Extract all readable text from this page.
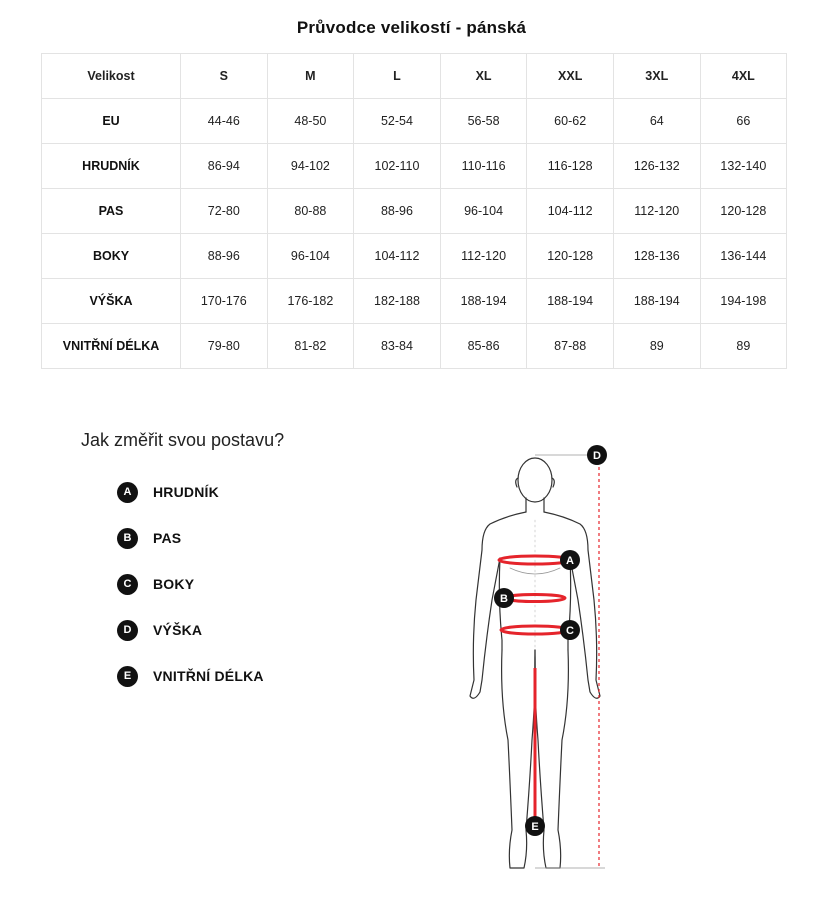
Průvodce velikostí - pánská
Velikost	S	M	L	XL	XXL	3XL	4XL
EU	44-46	48-50	52-54	56-58	60-62	64	66
HRUDNÍK	86-94	94-102	102-110	110-116	116-128	126-132	132-140
PAS	72-80	80-88	88-96	96-104	104-112	112-120	120-128
BOKY	88-96	96-104	104-112	112-120	120-128	128-136	136-144
VÝŠKA	170-176	176-182	182-188	188-194	188-194	188-194	194-198
VNITŘNÍ DÉLKA	79-80	81-82	83-84	85-86	87-88	89	89
Jak změřit svou postavu?
A	HRUDNÍK
B	PAS
C	BOKY
D	VÝŠKA
E	VNITŘNÍ DÉLKA
A
B
C
D
E
